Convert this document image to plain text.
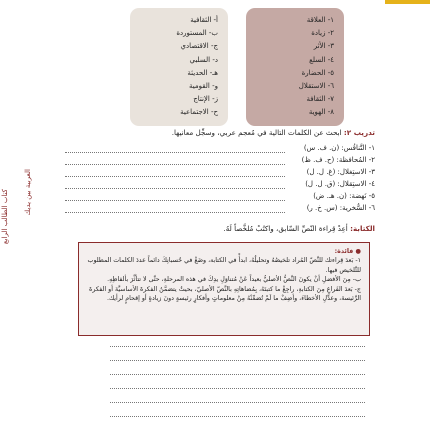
العربية بين يديك
كتاب الطالب الرابع
١- العلاقة
٢- زيادة
٣- الأثر
٤- السلع
٥- الحضارة
٦- الاستقلال
٧- الثقافة
٨- الهوية
أ- الثقافية
ب- المستوردة
ج- الاقتصادي
د- السلبي
هـ- الحديثة
و- القومية
ز- الإنتاج
ح- الاجتماعية
تدريب ٢: ابحث عن الكلمات التالية في مُعجم عربي، وسجِّل معانيها.
١- التَّنافُس: (ن. ف. س)
٢- المُحافظة: (ح. ف. ظ)
٣- الاستِغلال: (غ. ل. ل)
٤- الاستِقلال: (ق. ل. ل)
٥- نَهضة: (ن. هـ. ض)
٦- السُّخرية: (س. خ. ر)
الكتابة: أعِدْ قِراءة النّصِّ السّابق، واكتُبْ مُلخَّصاً لَهُ.
● فائدة:
١- بَعدَ قِراءتك للنَّصّ المُراد تلخيصُهُ وتحليلُهُ، ابدأْ في الكتابة، وضَعْ في حُسبانِكَ دائماً عددَ الكلمات المطلوب للتَّلخيص فيها.
ب- مِنَ الأفضلِ أنْ يكونَ النَّصُّ الأصليُّ بعيداً عَنْ مُتناوَلِ يدِكَ في هذه المرحلةِ، حتَّى لا تتأثَّرَ بألفاظِهِ.
ج- بَعدَ الفَراغِ مِنَ الكتابةِ، راجِعْ ما كتبتَهُ، بِمُضاهاتِهِ بالنَّصّ الأصليّ، بحيثُ يتضمَّنُ الفكرةَ الأساسيَّةَ أو الفكرةَ الرَّئيسةَ، وعدِّلِ الأخطاءَ، وأضِفْ ما لَمْ تُضمِّنْهُ مِنْ معلوماتٍ وأفكارٍ رئيسةٍ دونَ زيادةٍ أو إقحامٍ لرأيك.
